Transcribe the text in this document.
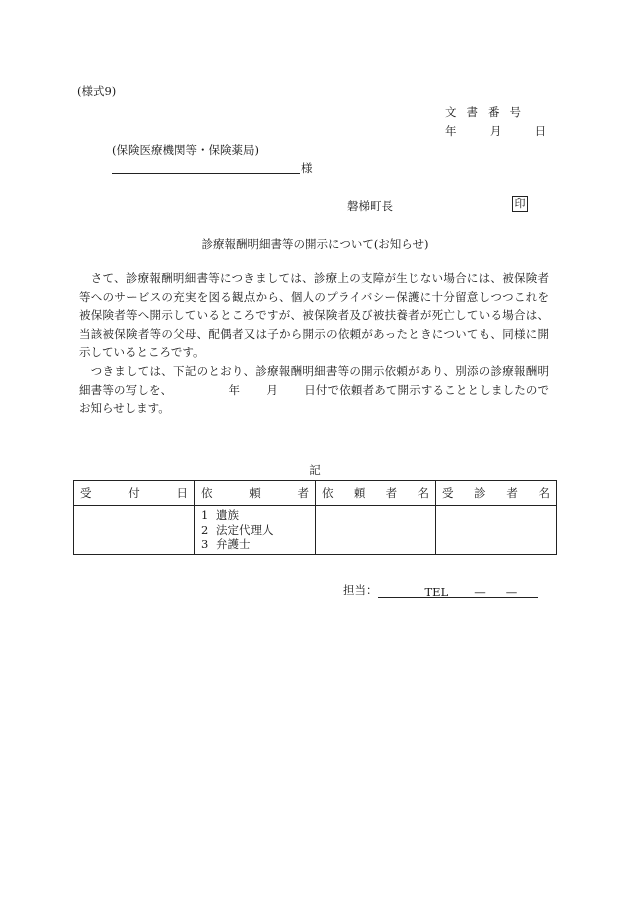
(様式9)
文書番号
年	月	日
(保険医療機関等・保険薬局)
様
磐梯町長	印
診療報酬明細書等の開示について(お知らせ)

　さて、診療報酬明細書等につきましては、診療上の支障が生じない場合には、被保険者等へのサービスの充実を図る観点から、個人のプライバシー保護に十分留意しつつこれを被保険者等へ開示しているところですが、被保険者及び被扶養者が死亡している場合は、当該被保険者等の父母、配偶者又は子から開示の依頼があったときについても、同様に開示しているところです。

　つきましては、下記のとおり、診療報酬明細書等の開示依頼があり、別添の診療報酬明細書等の写しを、	年 月 日付で依頼者あて開示することとしましたのでお知らせします。

記
受 付 日	依 頼 者	依 頼 者 名	受 診 者 名

	1 遺族
2 法定代理人
3 弁護士		

担当：	TEL — —
